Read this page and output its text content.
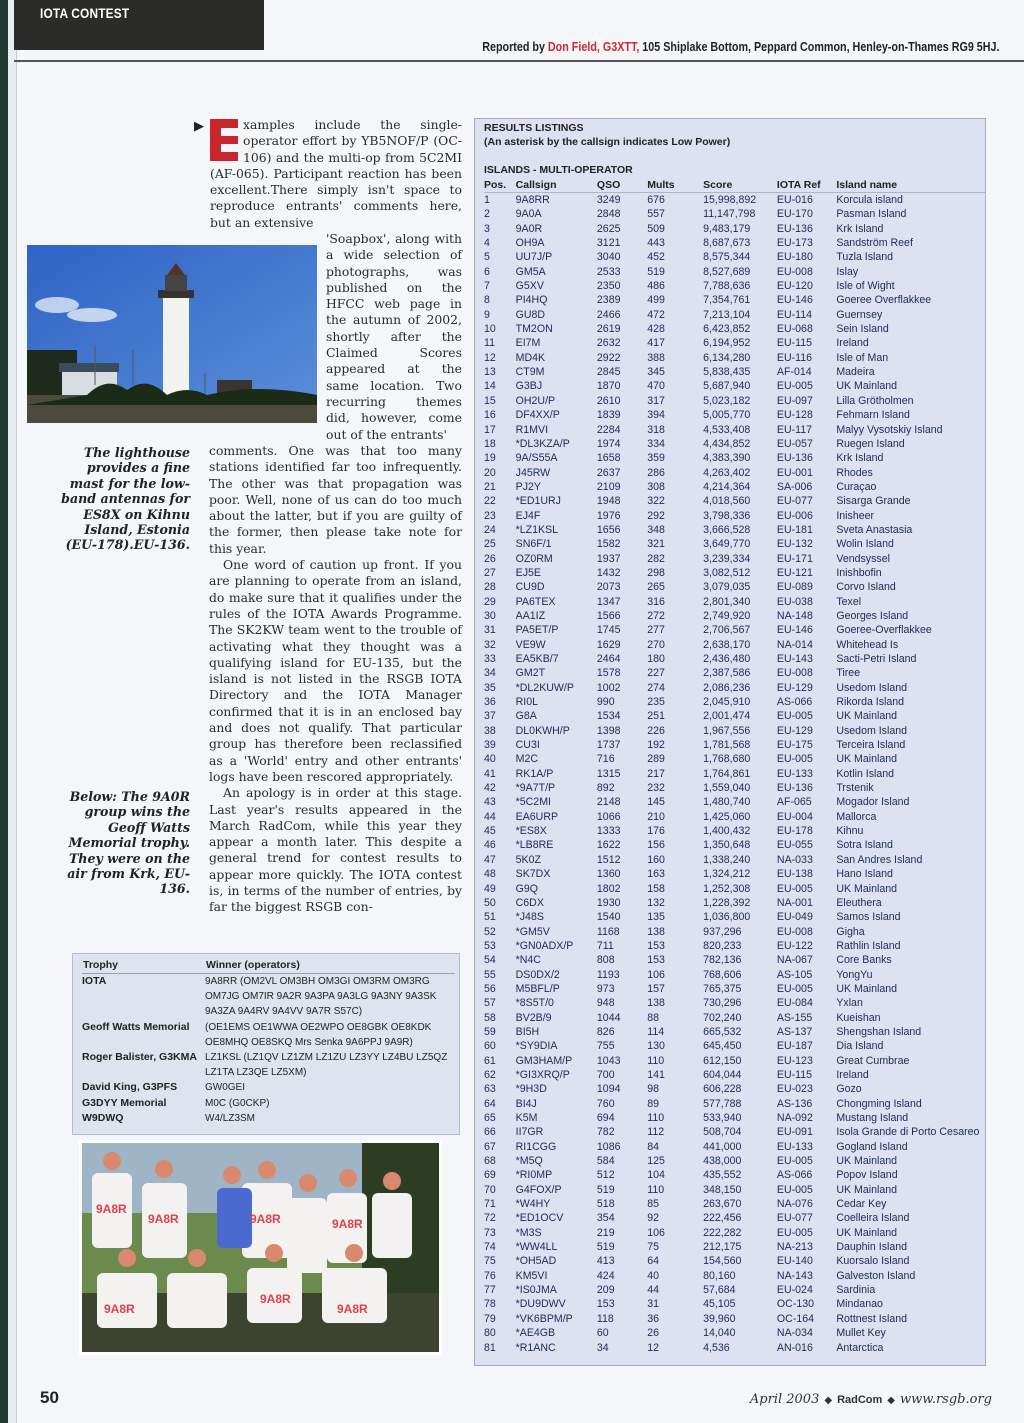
IOTA CONTEST
Reported by Don Field, G3XTT, 105 Shiplake Bottom, Peppard Common, Henley-on-Thames RG9 5HJ.
▶	xamples include the single-operator effort by YB5NOF/P (OC-106) and the multi-op from 5C2MI (AF-065). Participant reaction has been excellent.There simply isn't space to reproduce entrants' comments here, but an extensive
'Soapbox', along with a wide selection of photographs, was published on the HFCC web page in the autumn of 2002, shortly after the Claimed Scores appeared at the same location. Two recurring themes did, however, come out of the entrants'
The lighthouse provides a fine mast for the low-band antennas for ES8X on Kihnu Island, Estonia (EU-178).EU-136.

comments. One was that too many stations identified far too infrequently. The other was that propagation was poor. Well, none of us can do too much about the latter, but if you are guilty of the former, then please take note for this year.

One word of caution up front. If you are planning to operate from an island, do make sure that it qualifies under the rules of the IOTA Awards Programme. The SK2KW team went to the trouble of activating what they thought was a qualifying island for EU-135, but the island is not listed in the RSGB IOTA Directory and the IOTA Manager confirmed that it is in an enclosed bay and does not qualify. That particular group has therefore been reclassified as a 'World' entry and other entrants' logs have been rescored appropriately.

An apology is in order at this stage. Last year's results appeared in the March RadCom, while this year they appear a month later. This despite a general trend for contest results to appear more quickly. The IOTA contest is, in terms of the number of entries, by far the biggest RSGB con-

Below: The 9A0R group wins the Geoff Watts Memorial trophy. They were on the air from Krk, EU-136.
Trophy	Winner (operators)
IOTA	9A8RR (OM2VL OM3BH OM3GI OM3RM OM3RG OM7JG OM7IR 9A2R 9A3PA 9A3LG 9A3NY 9A3SK 9A3ZA 9A4RV 9A4VV 9A7R S57C)
Geoff Watts Memorial	(OE1EMS OE1WWA OE2WPO OE8GBK OE8KDK OE8MHQ OE8SKQ Mrs Senka 9A6PPJ 9A9R)
Roger Balister, G3KMA	LZ1KSL (LZ1QV LZ1ZM LZ1ZU LZ3YY LZ4BU LZ5QZ LZ1TA LZ3QE LZ5XM)
David King, G3PFS	GW0GEI
G3DYY Memorial	M0C (G0CKP)
W9DWQ	W4/LZ3SM
9A8R
9A8R	9A8R	9A8R
9A8R
9A8R
9A8R
RESULTS LISTINGS
(An asterisk by the callsign indicates Low Power)
ISLANDS - MULTI-OPERATOR
Pos.	Callsign	QSO	Mults	Score	IOTA Ref	Island name
1	9A8RR	3249	676	15,998,892	EU-016	Korcula island
2	9A0A	2848	557	11,147,798	EU-170	Pasman Island
3	9A0R	2625	509	9,483,179	EU-136	Krk Island
4	OH9A	3121	443	8,687,673	EU-173	Sandström Reef
5	UU7J/P	3040	452	8,575,344	EU-180	Tuzla Island
6	GM5A	2533	519	8,527,689	EU-008	Islay
7	G5XV	2350	486	7,788,636	EU-120	Isle of Wight
8	PI4HQ	2389	499	7,354,761	EU-146	Goeree Overflakkee
9	GU8D	2466	472	7,213,104	EU-114	Guernsey
10	TM2ON	2619	428	6,423,852	EU-068	Sein Island
11	EI7M	2632	417	6,194,952	EU-115	Ireland
12	MD4K	2922	388	6,134,280	EU-116	Isle of Man
13	CT9M	2845	345	5,838,435	AF-014	Madeira
14	G3BJ	1870	470	5,687,940	EU-005	UK Mainland
15	OH2U/P	2610	317	5,023,182	EU-097	Lilla Grötholmen
16	DF4XX/P	1839	394	5,005,770	EU-128	Fehmarn Island
17	R1MVI	2284	318	4,533,408	EU-117	Malyy Vysotskiy Island
18	*DL3KZA/P	1974	334	4,434,852	EU-057	Ruegen Island
19	9A/S55A	1658	359	4,383,390	EU-136	Krk Island
20	J45RW	2637	286	4,263,402	EU-001	Rhodes
21	PJ2Y	2109	308	4,214,364	SA-006	Curaçao
22	*ED1URJ	1948	322	4,018,560	EU-077	Sisarga Grande
23	EJ4F	1976	292	3,798,336	EU-006	Inisheer
24	*LZ1KSL	1656	348	3,666,528	EU-181	Sveta Anastasia
25	SN6F/1	1582	321	3,649,770	EU-132	Wolin Island
26	OZ0RM	1937	282	3,239,334	EU-171	Vendsyssel
27	EJ5E	1432	298	3,082,512	EU-121	Inishbofin
28	CU9D	2073	265	3,079,035	EU-089	Corvo Island
29	PA6TEX	1347	316	2,801,340	EU-038	Texel
30	AA1IZ	1566	272	2,749,920	NA-148	Georges Island
31	PA5ET/P	1745	277	2,706,567	EU-146	Goeree-Overflakkee
32	VE9W	1629	270	2,638,170	NA-014	Whitehead Is
33	EA5KB/7	2464	180	2,436,480	EU-143	Sacti-Petri Island
34	GM2T	1578	227	2,387,586	EU-008	Tiree
35	*DL2KUW/P	1002	274	2,086,236	EU-129	Usedom Island
36	RI0L	990	235	2,045,910	AS-066	Rikorda Island
37	G8A	1534	251	2,001,474	EU-005	UK Mainland
38	DL0KWH/P	1398	226	1,967,556	EU-129	Usedom Island
39	CU3I	1737	192	1,781,568	EU-175	Terceira Island
40	M2C	716	289	1,768,680	EU-005	UK Mainland
41	RK1A/P	1315	217	1,764,861	EU-133	Kotlin Island
42	*9A7T/P	892	232	1,559,040	EU-136	Trstenik
43	*5C2MI	2148	145	1,480,740	AF-065	Mogador Island
44	EA6URP	1066	210	1,425,060	EU-004	Mallorca
45	*ES8X	1333	176	1,400,432	EU-178	Kihnu
46	*LB8RE	1622	156	1,350,648	EU-055	Sotra Island
47	5K0Z	1512	160	1,338,240	NA-033	San Andres Island
48	SK7DX	1360	163	1,324,212	EU-138	Hano Island
49	G9Q	1802	158	1,252,308	EU-005	UK Mainland
50	C6DX	1930	132	1,228,392	NA-001	Eleuthera
51	*J48S	1540	135	1,036,800	EU-049	Samos Island
52	*GM5V	1168	138	937,296	EU-008	Gigha
53	*GN0ADX/P	711	153	820,233	EU-122	Rathlin Island
54	*N4C	808	153	782,136	NA-067	Core Banks
55	DS0DX/2	1193	106	768,606	AS-105	YongYu
56	M5BFL/P	973	157	765,375	EU-005	UK Mainland
57	*8S5T/0	948	138	730,296	EU-084	Yxlan
58	BV2B/9	1044	88	702,240	AS-155	Kueishan
59	BI5H	826	114	665,532	AS-137	Shengshan Island
60	*SY9DIA	755	130	645,450	EU-187	Dia Island
61	GM3HAM/P	1043	110	612,150	EU-123	Great Cumbrae
62	*GI3XRQ/P	700	141	604,044	EU-115	Ireland
63	*9H3D	1094	98	606,228	EU-023	Gozo
64	BI4J	760	89	577,788	AS-136	Chongming Island
65	K5M	694	110	533,940	NA-092	Mustang Island
66	II7GR	782	112	508,704	EU-091	Isola Grande di Porto Cesareo
67	RI1CGG	1086	84	441,000	EU-133	Gogland Island
68	*M5Q	584	125	438,000	EU-005	UK Mainland
69	*RI0MP	512	104	435,552	AS-066	Popov Island
70	G4FOX/P	519	110	348,150	EU-005	UK Mainland
71	*W4HY	518	85	263,670	NA-076	Cedar Key
72	*ED1OCV	354	92	222,456	EU-077	Coelleira Island
73	*M3S	219	106	222,282	EU-005	UK Mainland
74	*WW4LL	519	75	212,175	NA-213	Dauphin Island
75	*OH5AD	413	64	154,560	EU-140	Kuorsalo Island
76	KM5VI	424	40	80,160	NA-143	Galveston Island
77	*IS0JMA	209	44	57,684	EU-024	Sardinia
78	*DU9DWV	153	31	45,105	OC-130	Mindanao
79	*VK6BPM/P	118	36	39,960	OC-164	Rottnest Island
80	*AE4GB	60	26	14,040	NA-034	Mullet Key
81	*R1ANC	34	12	4,536	AN-016	Antarctica
50	April 2003 ◆ RadCom ◆ www.rsgb.org
